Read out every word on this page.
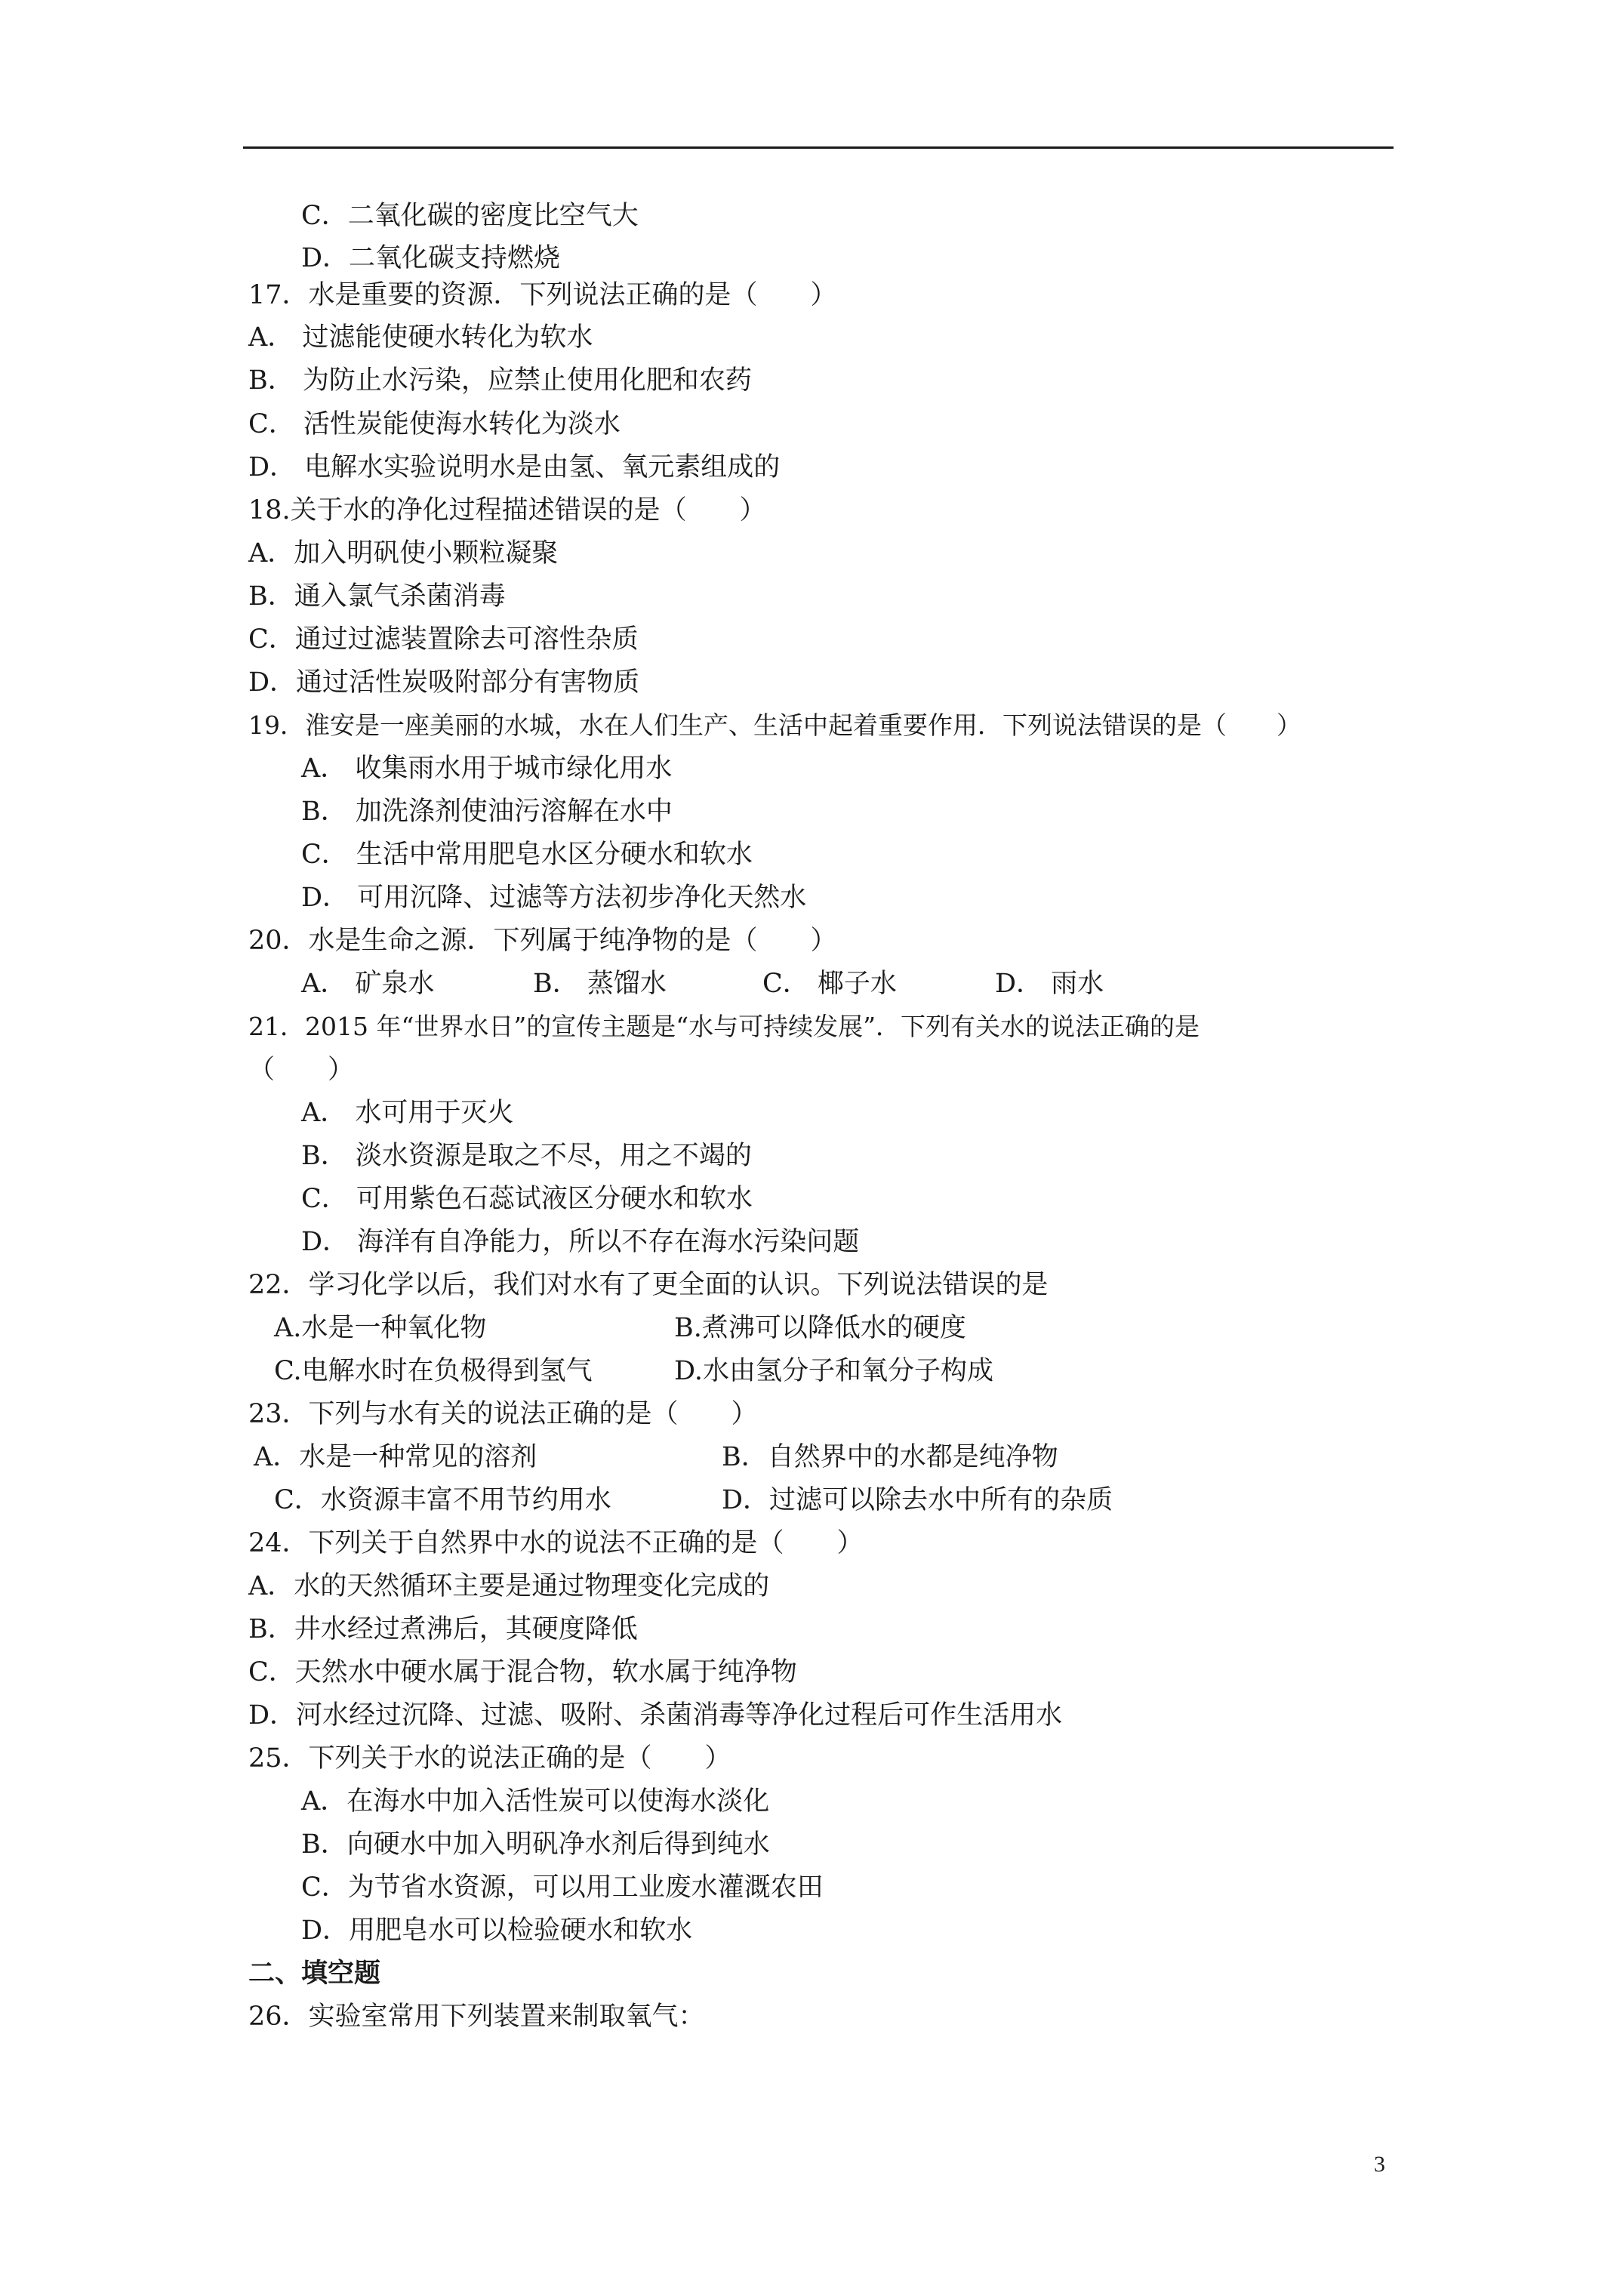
C．二氧化碳的密度比空气大
D．二氧化碳支持燃烧
17．水是重要的资源．下列说法正确的是（　　）
A． 过滤能使硬水转化为软水
B． 为防止水污染，应禁止使用化肥和农药
C． 活性炭能使海水转化为淡水
D． 电解水实验说明水是由氢、氧元素组成的
18.关于水的净化过程描述错误的是（　　）
A．加入明矾使小颗粒凝聚
B．通入氯气杀菌消毒
C．通过过滤装置除去可溶性杂质
D．通过活性炭吸附部分有害物质
19．淮安是一座美丽的水城，水在人们生产、生活中起着重要作用．下列说法错误的是（　　）
A． 收集雨水用于城市绿化用水
B． 加洗涤剂使油污溶解在水中
C． 生活中常用肥皂水区分硬水和软水
D． 可用沉降、过滤等方法初步净化天然水
20．水是生命之源．下列属于纯净物的是（　　）
A． 矿泉水	B． 蒸馏水	C． 椰子水	D． 雨水
21．2015 年“世界水日”的宣传主题是“水与可持续发展”．下列有关水的说法正确的是
（　　）
A． 水可用于灭火
B． 淡水资源是取之不尽，用之不竭的
C． 可用紫色石蕊试液区分硬水和软水
D． 海洋有自净能力，所以不存在海水污染问题
22．学习化学以后，我们对水有了更全面的认识。下列说法错误的是
A.水是一种氧化物	B.煮沸可以降低水的硬度
C.电解水时在负极得到氢气	D.水由氢分子和氧分子构成
23．下列与水有关的说法正确的是（　　）
A．水是一种常见的溶剂	B．自然界中的水都是纯净物
C．水资源丰富不用节约用水	D．过滤可以除去水中所有的杂质
24．下列关于自然界中水的说法不正确的是（　　）
A．水的天然循环主要是通过物理变化完成的
B．井水经过煮沸后，其硬度降低
C．天然水中硬水属于混合物，软水属于纯净物
D．河水经过沉降、过滤、吸附、杀菌消毒等净化过程后可作生活用水
25．下列关于水的说法正确的是（　　）
A．在海水中加入活性炭可以使海水淡化
B．向硬水中加入明矾净水剂后得到纯水
C．为节省水资源，可以用工业废水灌溉农田
D．用肥皂水可以检验硬水和软水
二、填空题
26．实验室常用下列装置来制取氧气：
3
